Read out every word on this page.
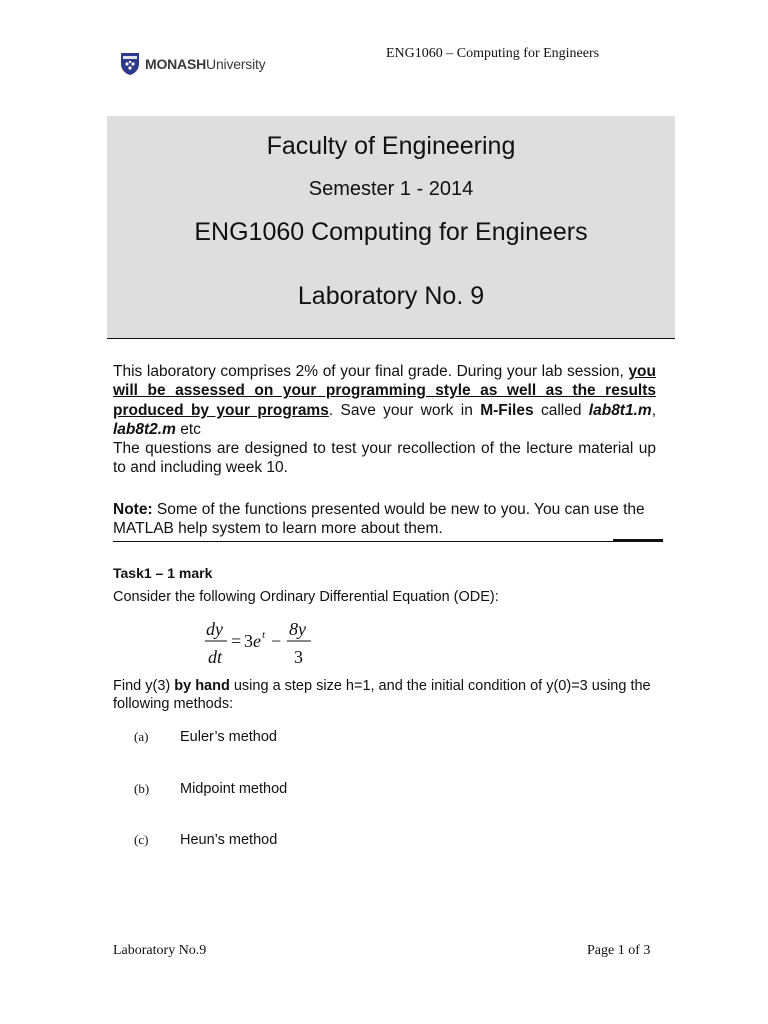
MONASHUniversity
ENG1060 – Computing for Engineers
Faculty of Engineering
Semester 1 - 2014
ENG1060 Computing for Engineers
Laboratory No. 9

This laboratory comprises 2% of your final grade. During your lab session, you will be assessed on your programming style as well as the results produced by your programs. Save your work in M-Files called lab8t1.m, lab8t2.m etc

The questions are designed to test your recollection of the lecture material up to and including week 10.

Note: Some of the functions presented would be new to you. You can use the MATLAB help system to learn more about them.
Task1 – 1 mark
Consider the following Ordinary Differential Equation (ODE):
dy
dt
= 3 e t −
8y
3

Find y(3) by hand using a step size h=1, and the initial condition of y(0)=3 using the following methods:

(a) Euler’s method
(b) Midpoint method
(c) Heun’s method
Laboratory No.9	Page 1 of 3
